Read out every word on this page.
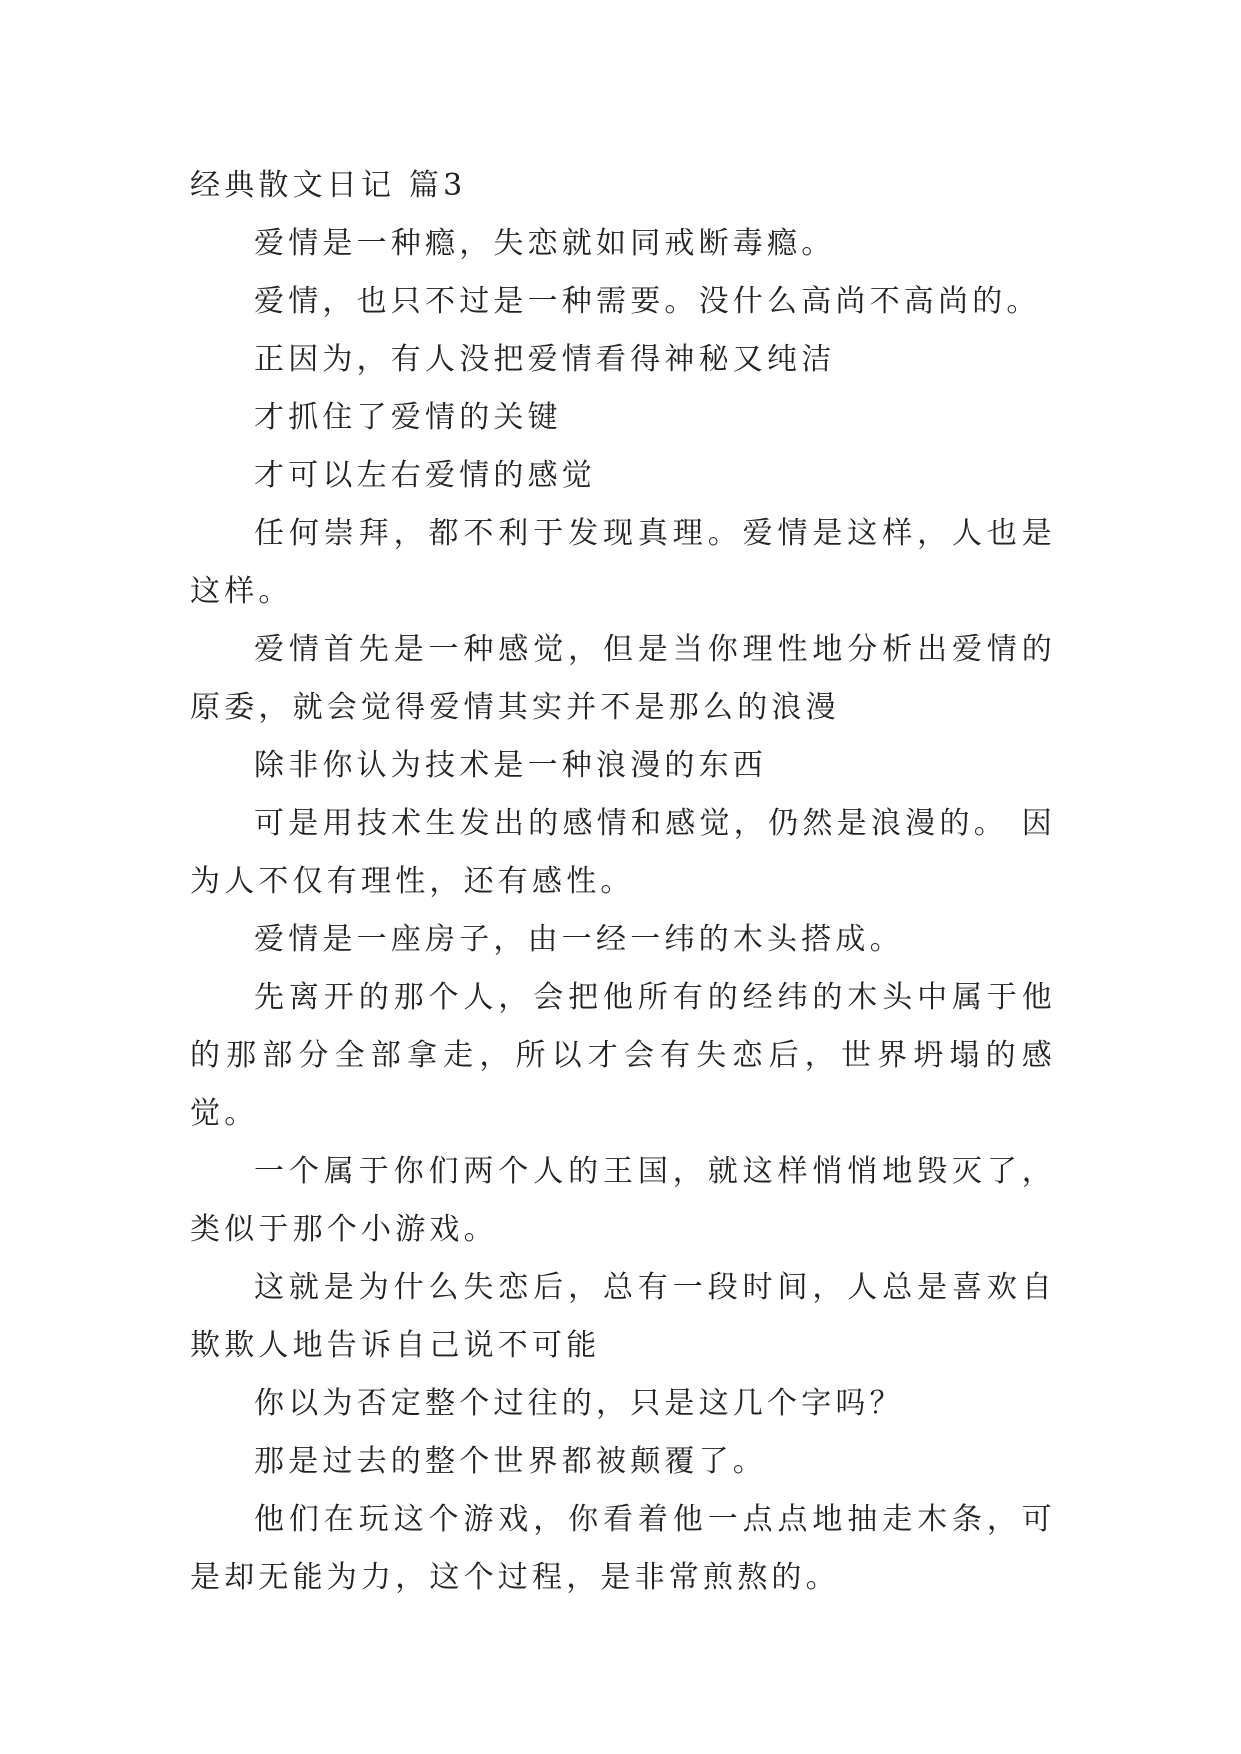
经典散文日记 篇3

爱情是一种瘾，失恋就如同戒断毒瘾。

爱情，也只不过是一种需要。没什么高尚不高尚的。

正因为，有人没把爱情看得神秘又纯洁

才抓住了爱情的关键

才可以左右爱情的感觉

任何崇拜，都不利于发现真理。爱情是这样，人也是这样。

爱情首先是一种感觉，但是当你理性地分析出爱情的原委，就会觉得爱情其实并不是那么的浪漫

除非你认为技术是一种浪漫的东西

可是用技术生发出的感情和感觉，仍然是浪漫的。 因为人不仅有理性，还有感性。

爱情是一座房子，由一经一纬的木头搭成。

先离开的那个人，会把他所有的经纬的木头中属于他的那部分全部拿走，所以才会有失恋后，世界坍塌的感觉。

一个属于你们两个人的王国，就这样悄悄地毁灭了，类似于那个小游戏。

这就是为什么失恋后，总有一段时间，人总是喜欢自欺欺人地告诉自己说不可能

你以为否定整个过往的，只是这几个字吗？

那是过去的整个世界都被颠覆了。

他们在玩这个游戏，你看着他一点点地抽走木条，可是却无能为力，这个过程，是非常煎熬的。
